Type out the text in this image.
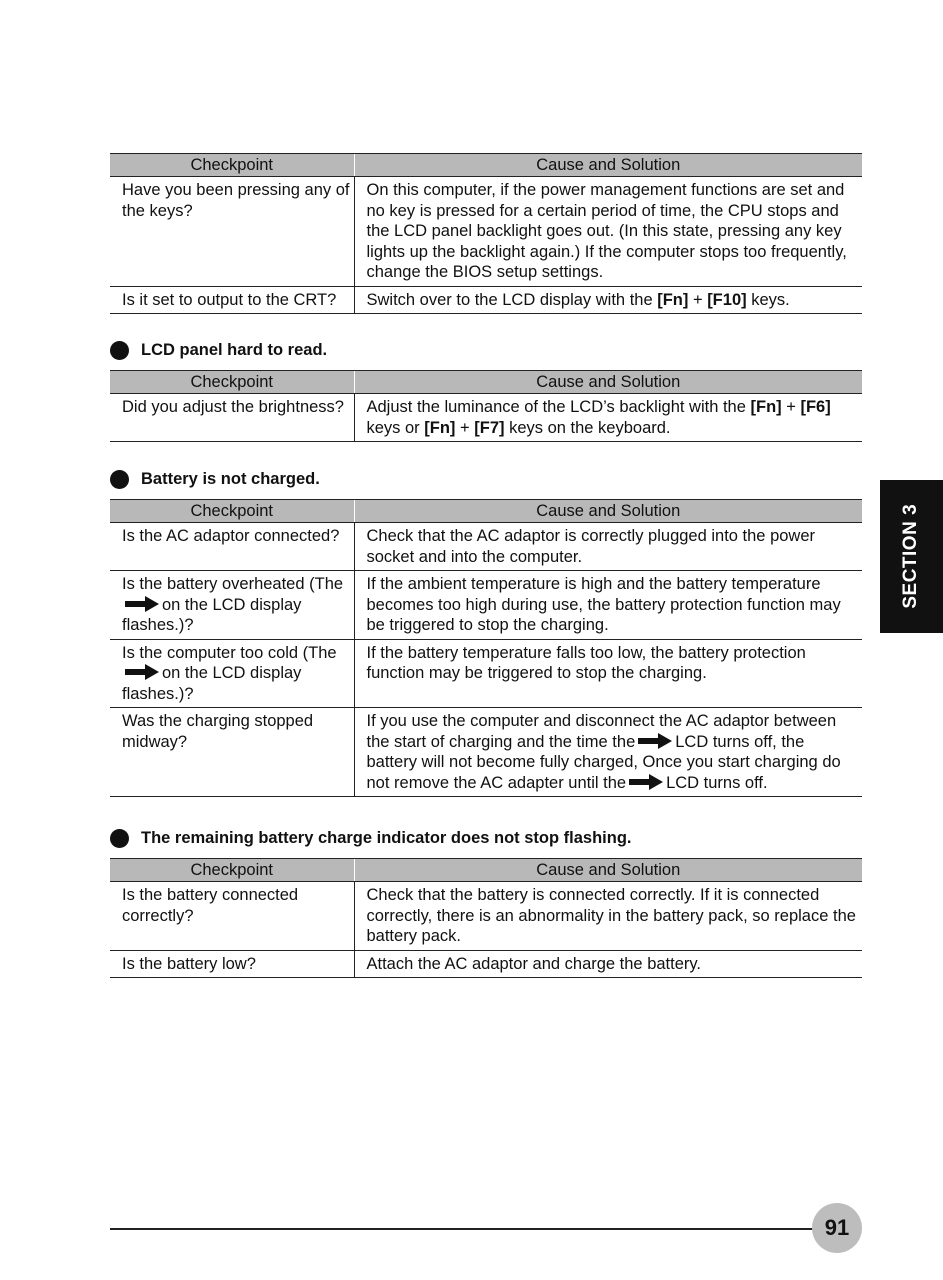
Checkpoint	Cause and Solution
Have you been pressing any of the keys?	On this computer, if the power management functions are set and no key is pressed for a certain period of time, the CPU stops and the LCD panel backlight goes out. (In this state, pressing any key lights up the backlight again.) If the computer stops too frequently, change the BIOS setup settings.
Is it set to output to the CRT?	Switch over to the LCD display with the [Fn] + [F10] keys.
LCD panel hard to read.
Checkpoint	Cause and Solution
Did you adjust the brightness?	Adjust the luminance of the LCD’s backlight with the [Fn] + [F6] keys or [Fn] + [F7] keys on the keyboard.
Battery is not charged.
Checkpoint	Cause and Solution
Is the AC adaptor connected?	Check that the AC adaptor is correctly plugged into the power socket and into the computer.
Is the battery overheated (Theon the LCD display flashes.)?	If the ambient temperature is high and the battery temperature becomes too high during use, the battery protection function may be triggered to stop the charging.
Is the computer too cold (Theon the LCD display flashes.)?	If the battery temperature falls too low, the battery protection function may be triggered to stop the charging.
Was the charging stopped midway?	If you use the computer and disconnect the AC adaptor between the start of charging and the time the LCD turns off, the battery will not become fully charged, Once you start charging do not remove the AC adapter until the LCD turns off.
The remaining battery charge indicator does not stop flashing.
Checkpoint	Cause and Solution
Is the battery connected correctly?	Check that the battery is connected correctly. If it is connected correctly, there is an abnormality in the battery pack, so replace the battery pack.
Is the battery low?	Attach the AC adaptor and charge the battery.
SECTION 3
91
